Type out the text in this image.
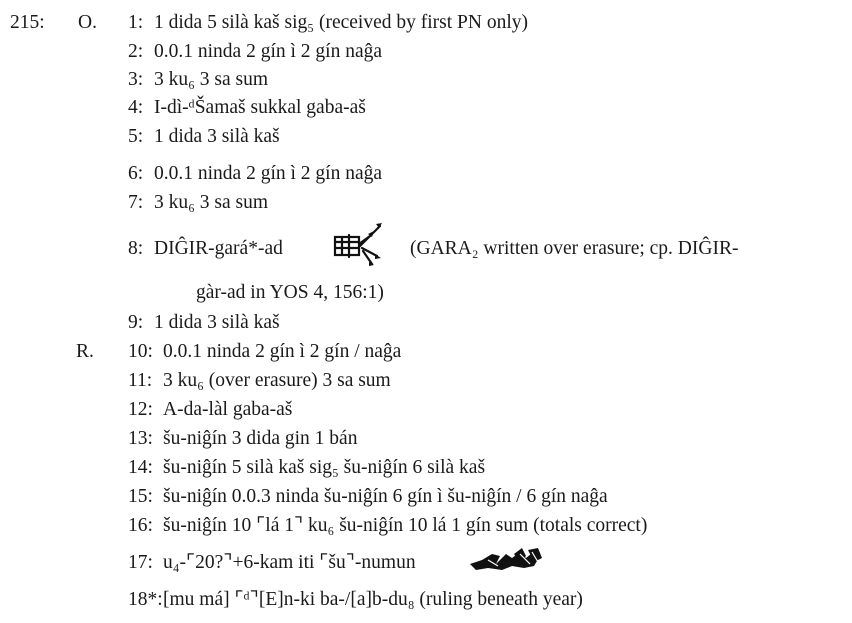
215: O.
R.
1:
2:
3:
4:
5:
6:
7:
8:
9:
10:
11:
12:
13:
14:
15:
16:
17:
18*:
1 dida 5 silà kaš sig₅ (received by first PN only)
0.0.1 ninda 2 gín ì 2 gín naĝa
3 ku₆ 3 sa sum
I-dì-ᵈŠamaš sukkal gaba-aš
1 dida 3 silà kaš
0.0.1 ninda 2 gín ì 2 gín naĝa
3 ku₆ 3 sa sum
DIĜIR-gará*-ad	(GARA₂ written over erasure; cp. DIĜIR-
gàr-ad in YOS 4, 156:1)
1 dida 3 silà kaš
0.0.1 ninda 2 gín ì 2 gín / naĝa
3 ku₆ (over erasure) 3 sa sum
A-da-làl gaba-aš
šu-niĝín 3 dida gin 1 bán
šu-niĝín 5 silà kaš sig₅ šu-niĝín 6 silà kaš
šu-niĝín 0.0.3 ninda šu-niĝín 6 gín ì šu-niĝín / 6 gín naĝa
šu-niĝín 10 ⌜lá 1⌝ ku₆ šu-niĝín 10 lá 1 gín sum (totals correct)
u₄-⌜20?⌝+6-kam iti ⌜šu⌝-numun
[mu má] ⌜ᵈ⌝[E]n-ki ba-/[a]b-du₈ (ruling beneath year)
